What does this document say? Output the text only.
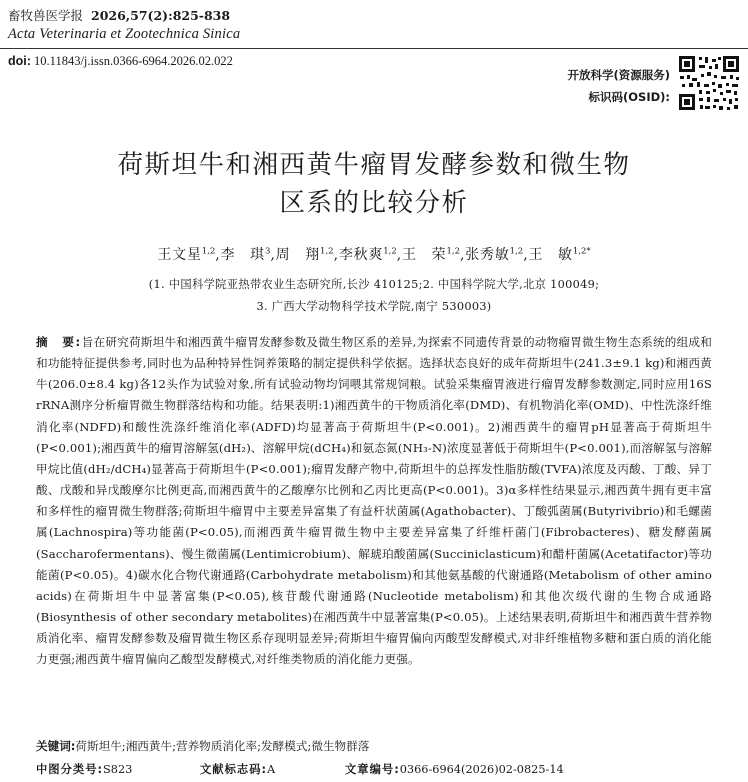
畜牧兽医学报 2026,57(2):825-838
Acta Veterinaria et Zootechnica Sinica
doi: 10.11843/j.issn.0366-6964.2026.02.022
开放科学(资源服务)
标识码(OSID):
荷斯坦牛和湘西黄牛瘤胃发酵参数和微生物
区系的比较分析
王文星$^{1,2}$,李　琪$^3$,周　翔$^{1,2}$,李秋爽$^{1,2}$,王　荣$^{1,2}$,张秀敏$^{1,2}$,王　敏$^{1,2*}$
(1. 中国科学院亚热带农业生态研究所,长沙 410125;2. 中国科学院大学,北京 100049;
3. 广西大学动物科学技术学院,南宁 530003)
摘　要:旨在研究荷斯坦牛和湘西黄牛瘤胃发酵参数及微生物区系的差异,为探索不同遗传背景的动物瘤胃微生物生态系统的组成和和功能特征提供参考,同时也为品种特异性饲养策略的制定提供科学依据。选择状态良好的成年荷斯坦牛(241.3±9.1 kg)和湘西黄牛(206.0±8.4 kg)各12头作为试验对象,所有试验动物均饲喂其常规饲粮。试验采集瘤胃液进行瘤胃发酵参数测定,同时应用16S rRNA测序分析瘤胃微生物群落结构和功能。结果表明:1)湘西黄牛的干物质消化率(DMD)、有机物消化率(OMD)、中性洗涤纤维消化率(NDFD)和酸性洗涤纤维消化率(ADFD)均显著高于荷斯坦牛(P<0.001)。2)湘西黄牛的瘤胃pH显著高于荷斯坦牛(P<0.001);湘西黄牛的瘤胃溶解氢(dH₂)、溶解甲烷(dCH₄)和氨态氮(NH₃-N)浓度显著低于荷斯坦牛(P<0.001),而溶解氢与溶解甲烷比值(dH₂/dCH₄)显著高于荷斯坦牛(P<0.001);瘤胃发酵产物中,荷斯坦牛的总挥发性脂肪酸(TVFA)浓度及丙酸、丁酸、异丁酸、戊酸和异戊酸摩尔比例更高,而湘西黄牛的乙酸摩尔比例和乙丙比更高(P<0.001)。3)α多样性结果显示,湘西黄牛拥有更丰富和多样性的瘤胃微生物群落;荷斯坦牛瘤胃中主要差异富集了有益杆状菌属(Agathobacter)、丁酸弧菌属(Butyrivibrio)和毛螺菌属(Lachnospira)等功能菌(P<0.05),而湘西黄牛瘤胃微生物中主要差异富集了纤维杆菌门(Fibrobacteres)、糖发酵菌属(Saccharofermentans)、慢生微菌属(Lentimicrobium)、解琥珀酸菌属(Succiniclasticum)和醋杆菌属(Acetatifactor)等功能菌(P<0.05)。4)碳水化合物代谢通路(Carbohydrate metabolism)和其他氨基酸的代谢通路(Metabolism of other amino acids)在荷斯坦牛中显著富集(P<0.05),核苷酸代谢通路(Nucleotide metabolism)和其他次级代谢的生物合成通路(Biosynthesis of other secondary metabolites)在湘西黄牛中显著富集(P<0.05)。上述结果表明,荷斯坦牛和湘西黄牛营养物质消化率、瘤胃发酵参数及瘤胃微生物区系存现明显差异;荷斯坦牛瘤胃偏向丙酸型发酵模式,对非纤维植物多糖和蛋白质的消化能力更强;湘西黄牛瘤胃偏向乙酸型发酵模式,对纤维类物质的消化能力更强。
关键词:荷斯坦牛;湘西黄牛;营养物质消化率;发酵模式;微生物群落
中图分类号:S823	文献标志码:A	文章编号:0366-6964(2026)02-0825-14
